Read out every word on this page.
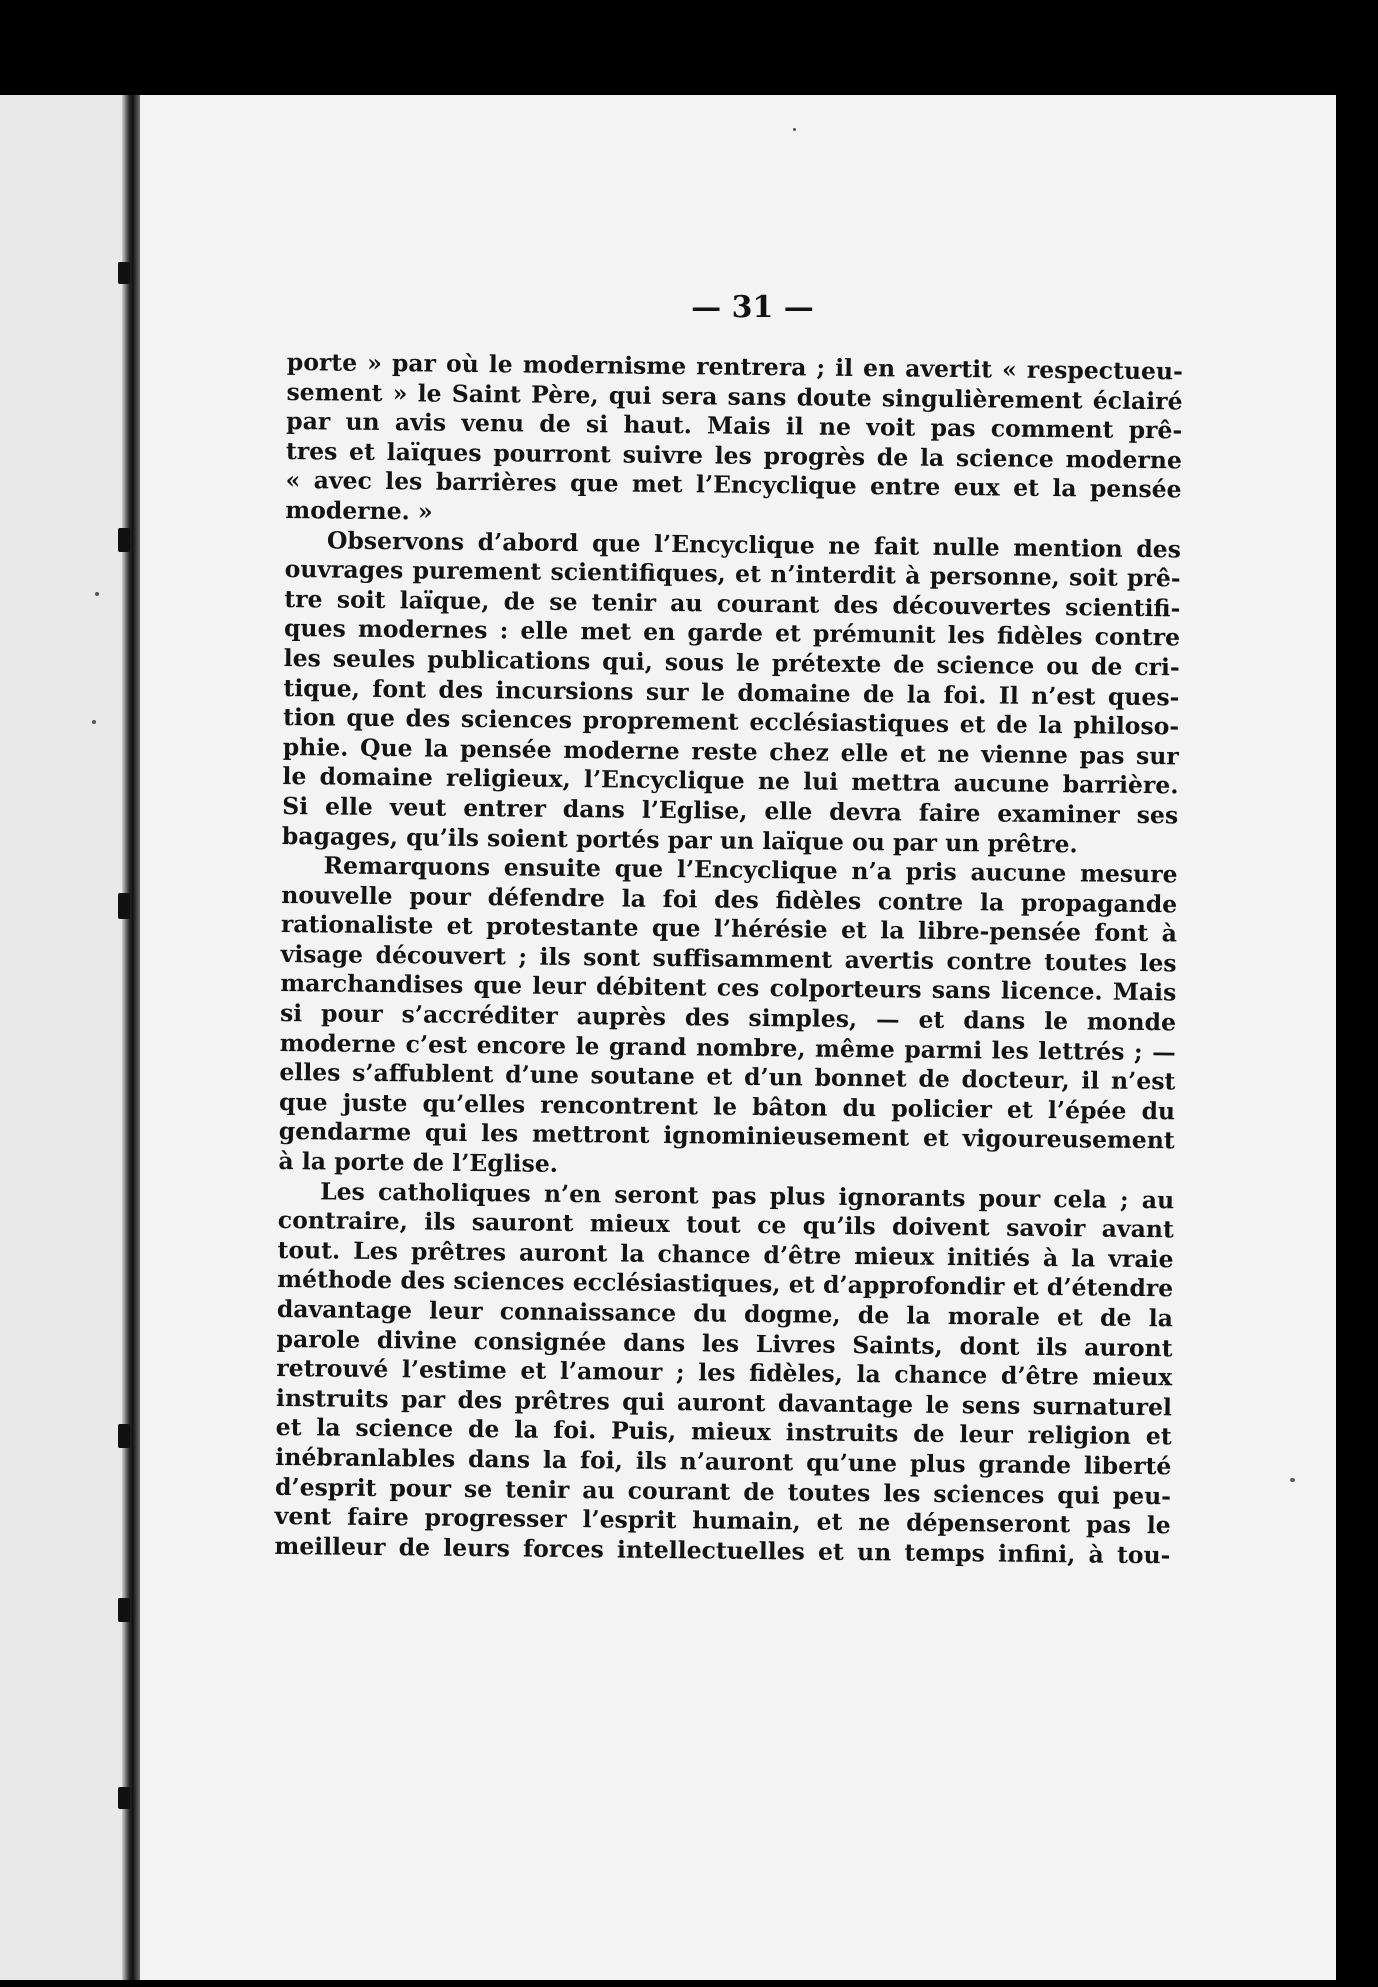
— 31 —
porte » par où le modernisme rentrera ; il en avertit « respectueu-
sement » le Saint Père, qui sera sans doute singulièrement éclairé
par un avis venu de si haut. Mais il ne voit pas comment prê-
tres et laïques pourront suivre les progrès de la science moderne
« avec les barrières que met l’Encyclique entre eux et la pensée
moderne. »
Observons d’abord que l’Encyclique ne fait nulle mention des
ouvrages purement scientifiques, et n’interdit à personne, soit prê-
tre soit laïque, de se tenir au courant des découvertes scientifi-
ques modernes : elle met en garde et prémunit les fidèles contre
les seules publications qui, sous le prétexte de science ou de cri-
tique, font des incursions sur le domaine de la foi. Il n’est ques-
tion que des sciences proprement ecclésiastiques et de la philoso-
phie. Que la pensée moderne reste chez elle et ne vienne pas sur
le domaine religieux, l’Encyclique ne lui mettra aucune barrière.
Si elle veut entrer dans l’Eglise, elle devra faire examiner ses
bagages, qu’ils soient portés par un laïque ou par un prêtre.
Remarquons ensuite que l’Encyclique n’a pris aucune mesure
nouvelle pour défendre la foi des fidèles contre la propagande
rationaliste et protestante que l’hérésie et la libre-pensée font à
visage découvert ; ils sont suffisamment avertis contre toutes les
marchandises que leur débitent ces colporteurs sans licence. Mais
si pour s’accréditer auprès des simples, — et dans le monde
moderne c’est encore le grand nombre, même parmi les lettrés ; —
elles s’affublent d’une soutane et d’un bonnet de docteur, il n’est
que juste qu’elles rencontrent le bâton du policier et l’épée du
gendarme qui les mettront ignominieusement et vigoureusement
à la porte de l’Eglise.
Les catholiques n’en seront pas plus ignorants pour cela ; au
contraire, ils sauront mieux tout ce qu’ils doivent savoir avant
tout. Les prêtres auront la chance d’être mieux initiés à la vraie
méthode des sciences ecclésiastiques, et d’approfondir et d’étendre
davantage leur connaissance du dogme, de la morale et de la
parole divine consignée dans les Livres Saints, dont ils auront
retrouvé l’estime et l’amour ; les fidèles, la chance d’être mieux
instruits par des prêtres qui auront davantage le sens surnaturel
et la science de la foi. Puis, mieux instruits de leur religion et
inébranlables dans la foi, ils n’auront qu’une plus grande liberté
d’esprit pour se tenir au courant de toutes les sciences qui peu-
vent faire progresser l’esprit humain, et ne dépenseront pas le
meilleur de leurs forces intellectuelles et un temps infini, à tou-
